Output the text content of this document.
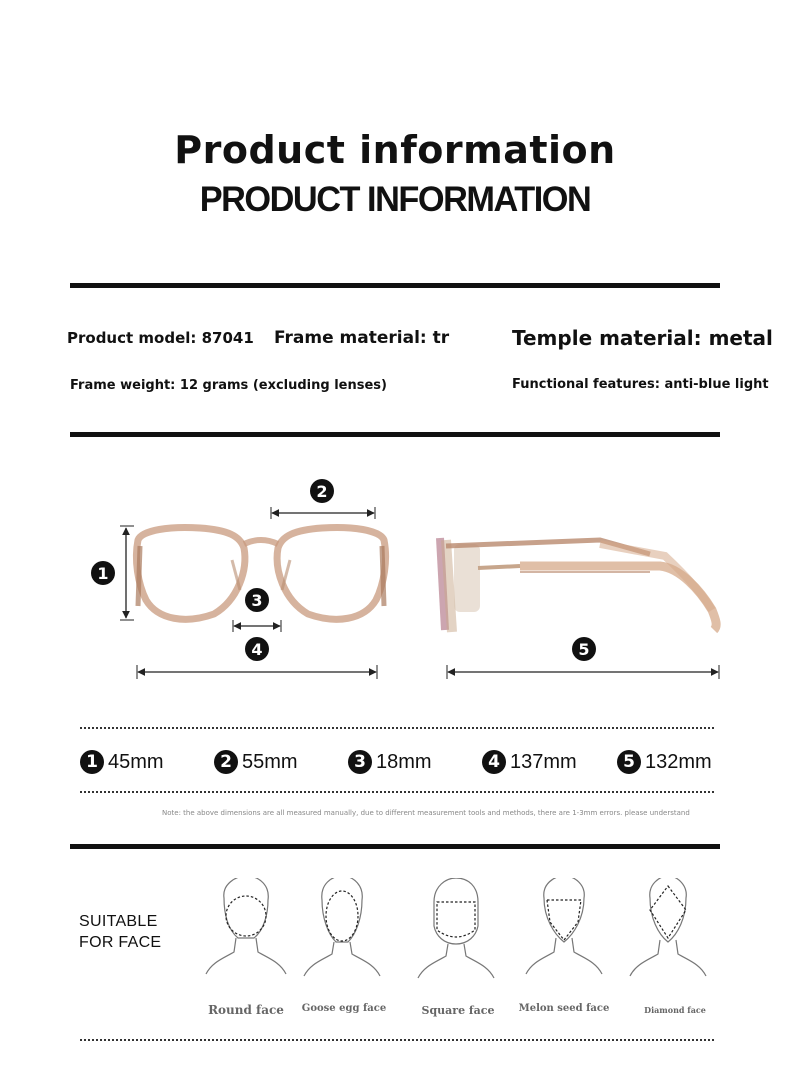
Product information
PRODUCT INFORMATION
Product model: 87041 Frame material: tr	Temple material: metal
Frame weight: 12 grams (excluding lenses)	Functional features: anti-blue light
1
2
3
4	5
1 45mm	2 55mm	3 18mm	4 137mm	5 132mm
Note: the above dimensions are all measured manually, due to different measurement tools and methods, there are 1-3mm errors. please understand
SUITABLE
FOR FACE
Round face	Goose egg face	Square face	Melon seed face	Diamond face
